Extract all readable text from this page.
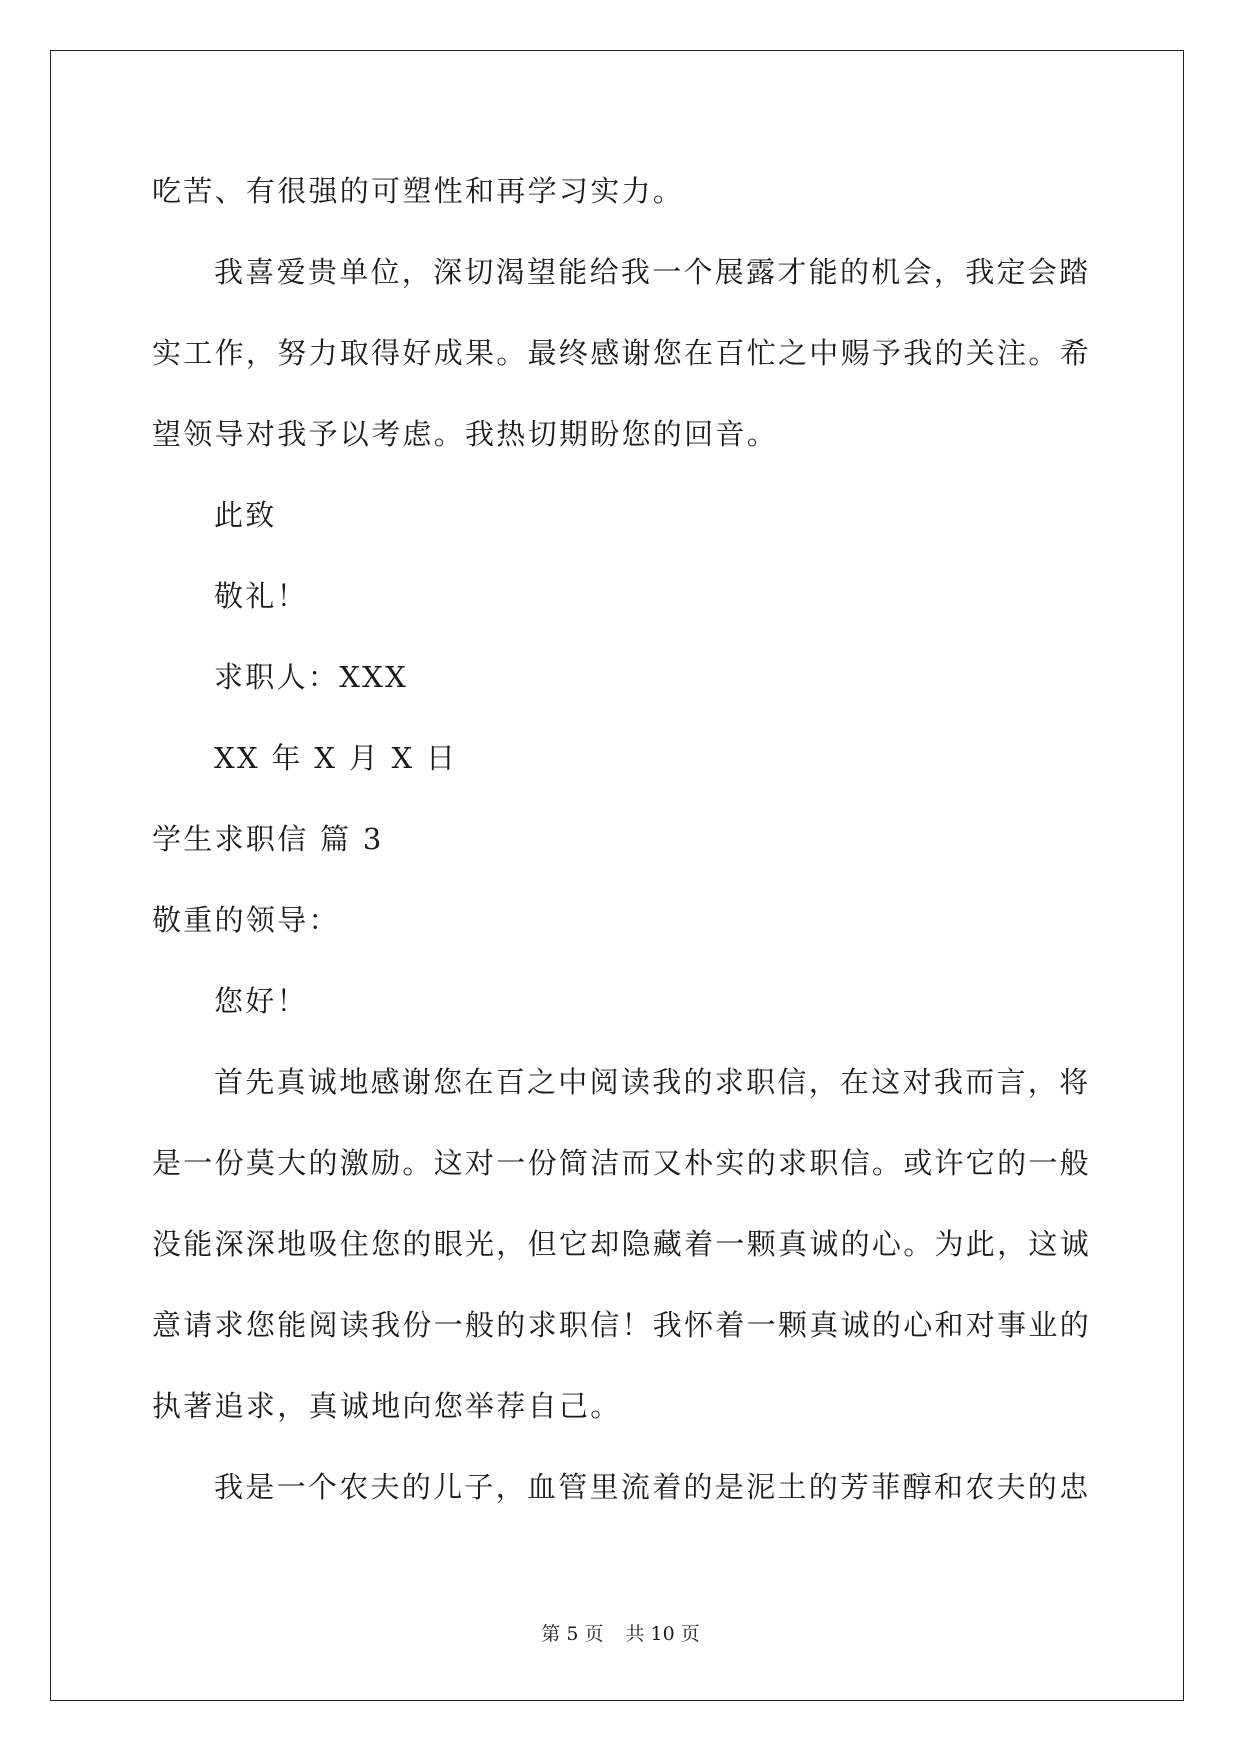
吃苦、有很强的可塑性和再学习实力。
我喜爱贵单位，深切渴望能给我一个展露才能的机会，我定会踏
实工作，努力取得好成果。最终感谢您在百忙之中赐予我的关注。希
望领导对我予以考虑。我热切期盼您的回音。
此致
敬礼！
求职人：XXX
XX 年 X 月 X 日
学生求职信 篇 3
敬重的领导：
您好！
首先真诚地感谢您在百之中阅读我的求职信，在这对我而言，将
是一份莫大的激励。这对一份简洁而又朴实的求职信。或许它的一般
没能深深地吸住您的眼光，但它却隐藏着一颗真诚的心。为此，这诚
意请求您能阅读我份一般的求职信！我怀着一颗真诚的心和对事业的
执著追求，真诚地向您举荐自己。
我是一个农夫的儿子，血管里流着的是泥土的芳菲醇和农夫的忠
第 5 页 共 10 页
